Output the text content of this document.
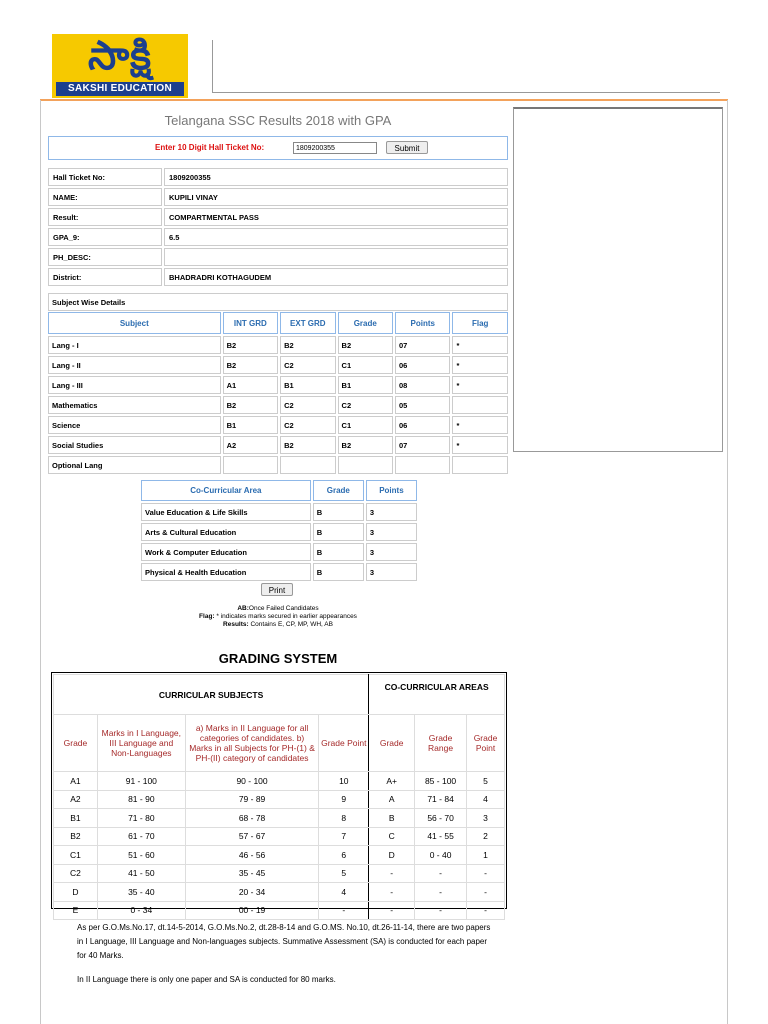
సాక్షి
SAKSHI EDUCATION
Telangana SSC Results 2018 with GPA
Enter 10 Digit Hall Ticket No:
1809200355	Submit
Hall Ticket No:	1809200355
NAME:	KUPILI VINAY
Result:	COMPARTMENTAL PASS
GPA_9:	6.5
PH_DESC:	
District:	BHADRADRI KOTHAGUDEM
Subject Wise Details
Subject	INT GRD	EXT GRD	Grade	Points	Flag
Lang - I	B2	B2	B2	07	*
Lang - II	B2	C2	C1	06	*
Lang - III	A1	B1	B1	08	*
Mathematics	B2	C2	C2	05	
Science	B1	C2	C1	06	*
Social Studies	A2	B2	B2	07	*
Optional Lang					
Co-Curricular Area	Grade	Points
Value Education & Life Skills	B	3
Arts & Cultural Education	B	3
Work & Computer Education	B	3
Physical & Health Education	B	3
Print
AB:Once Failed Candidates
Flag: * indicates marks secured in earlier appearances
Results: Contains E, CP, MP, WH, AB
GRADING SYSTEM
CURRICULAR SUBJECTS				CO-CURRICULAR AREAS		
Grade	Marks in I Language, III Language and Non-Languages	a) Marks in II Language for all categories of candidates. b) Marks in all Subjects for PH-(1) & PH-(II) category of candidates	Grade Point	Grade	Grade Range	Grade Point
A1	91 - 100	90 - 100	10	A+	85 - 100	5
A2	81 - 90	79 - 89	9	A	71 - 84	4
B1	71 - 80	68 - 78	8	B	56 - 70	3
B2	61 - 70	57 - 67	7	C	41 - 55	2
C1	51 - 60	46 - 56	6	D	0 - 40	1
C2	41 - 50	35 - 45	5	-	-	-
D	35 - 40	20 - 34	4	-	-	-
E	0 - 34	00 - 19	-	-	-	-
As per G.O.Ms.No.17, dt.14-5-2014, G.O.Ms.No.2, dt.28-8-14 and G.O.MS. No.10, dt.26-11-14, there are two papers in I Language, III Language and Non-languages subjects. Summative Assessment (SA) is conducted for each paper for 40 Marks.
In II Language there is only one paper and SA is conducted for 80 marks.
